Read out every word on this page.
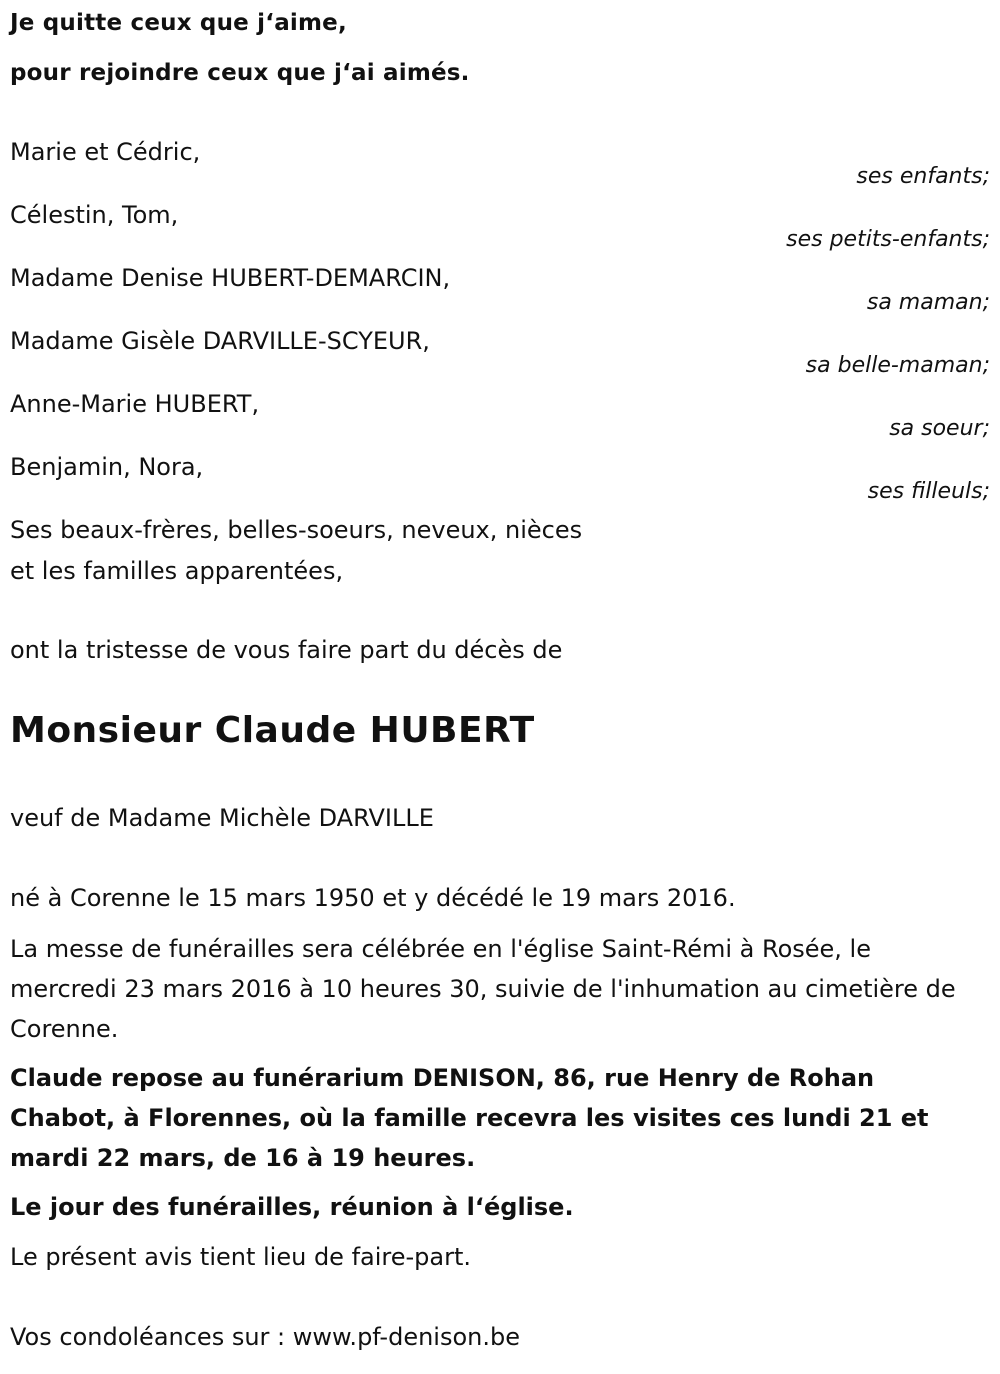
Je quitte ceux que j‘aime,

pour rejoindre ceux que j‘ai aimés.

Marie et Cédric,

ses enfants;

Célestin, Tom,

ses petits-enfants;

Madame Denise HUBERT-DEMARCIN,

sa maman;

Madame Gisèle DARVILLE-SCYEUR,

sa belle-maman;

Anne-Marie HUBERT,

sa soeur;

Benjamin, Nora,

ses filleuls;

Ses beaux-frères, belles-soeurs, neveux, nièces

et les familles apparentées,

ont la tristesse de vous faire part du décès de

Monsieur Claude HUBERT

veuf de Madame Michèle DARVILLE

né à Corenne le 15 mars 1950 et y décédé le 19 mars 2016.

La messe de funérailles sera célébrée en l'église Saint-Rémi à Rosée, le mercredi 23 mars 2016 à 10 heures 30, suivie de l'inhumation au cimetière de Corenne.

Claude repose au funérarium DENISON, 86, rue Henry de Rohan Chabot, à Florennes, où la famille recevra les visites ces lundi 21 et mardi 22 mars, de 16 à 19 heures.

Le jour des funérailles, réunion à l‘église.

Le présent avis tient lieu de faire-part.

Vos condoléances sur : www.pf-denison.be
